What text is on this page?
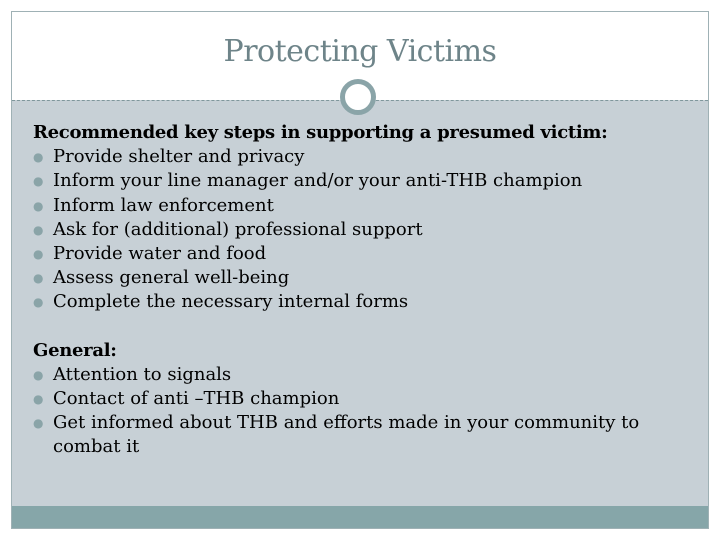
Protecting Victims

Recommended key steps in supporting a presumed victim:

● Provide shelter and privacy
● Inform your line manager and/or your anti-THB champion
● Inform law enforcement
● Ask for (additional) professional support
● Provide water and food
● Assess general well-being
● Complete the necessary internal forms

General:

● Attention to signals
● Contact of anti –THB champion
● Get informed about THB and efforts made in your community to combat it
